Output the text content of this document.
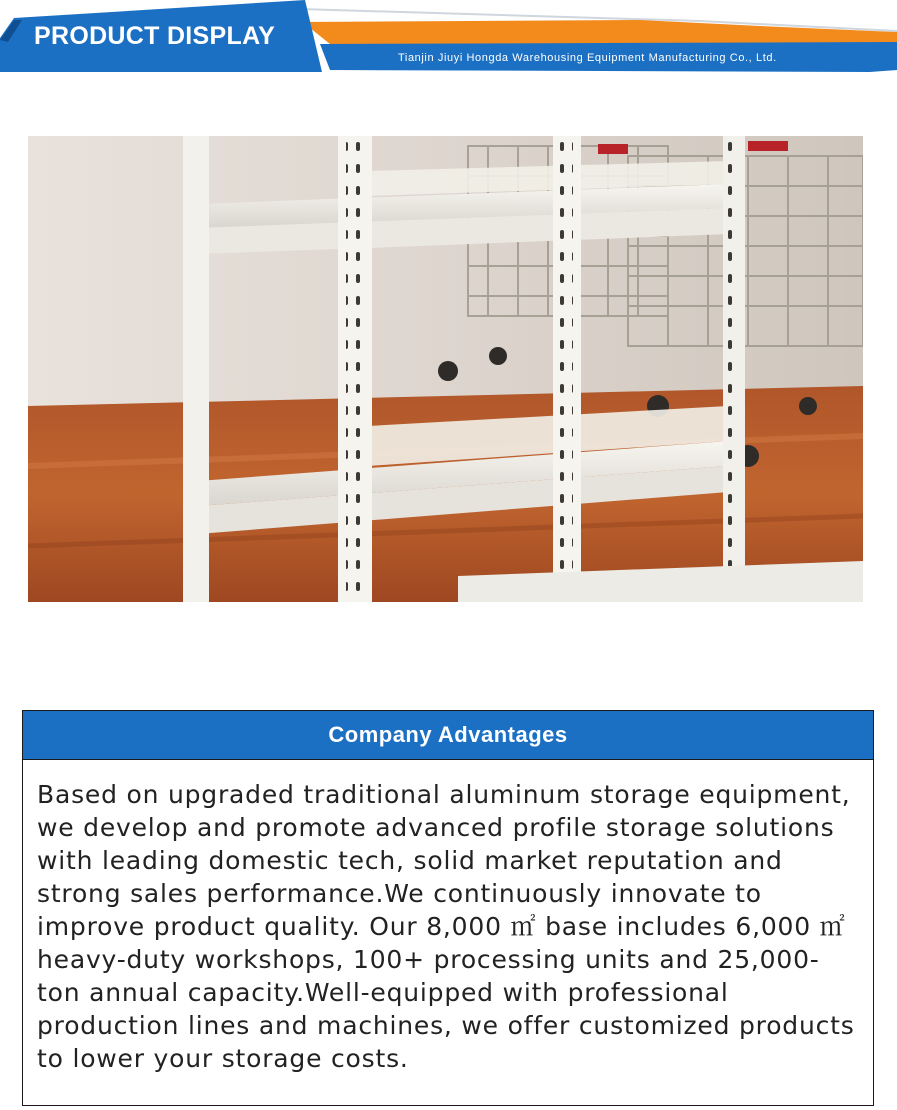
PRODUCT DISPLAY
Tianjin Jiuyi Hongda Warehousing Equipment Manufacturing Co., Ltd.
Company Advantages
Based on upgraded traditional aluminum storage equipment, we develop and promote advanced profile storage solutions with leading domestic tech, solid market reputation and strong sales performance.We continuously innovate to improve product quality. Our 8,000 ㎡ base includes 6,000 ㎡ heavy-duty workshops, 100+ processing units and 25,000-ton annual capacity.Well-equipped with professional production lines and machines, we offer customized products to lower your storage costs.
